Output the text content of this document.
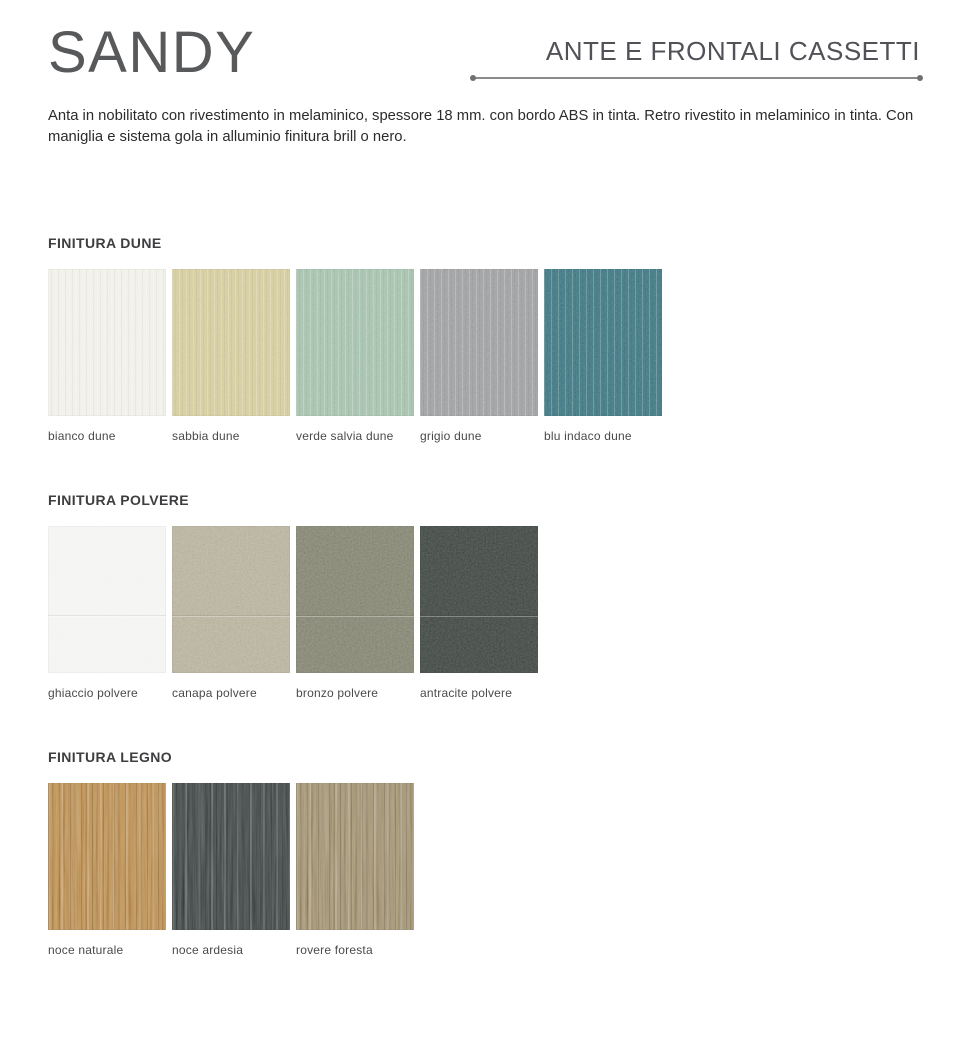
SANDY	ANTE E FRONTALI CASSETTI

Anta in nobilitato con rivestimento in melaminico, spessore 18 mm. con bordo ABS in tinta. Retro rivestito in melaminico in tinta. Con maniglia e sistema gola in alluminio finitura brill o nero.

FINITURA DUNE
bianco dune	sabbia dune	verde salvia dune	grigio dune	blu indaco dune
FINITURA POLVERE
ghiaccio polvere	canapa polvere	bronzo polvere	antracite polvere
FINITURA LEGNO
noce naturale	noce ardesia	rovere foresta
